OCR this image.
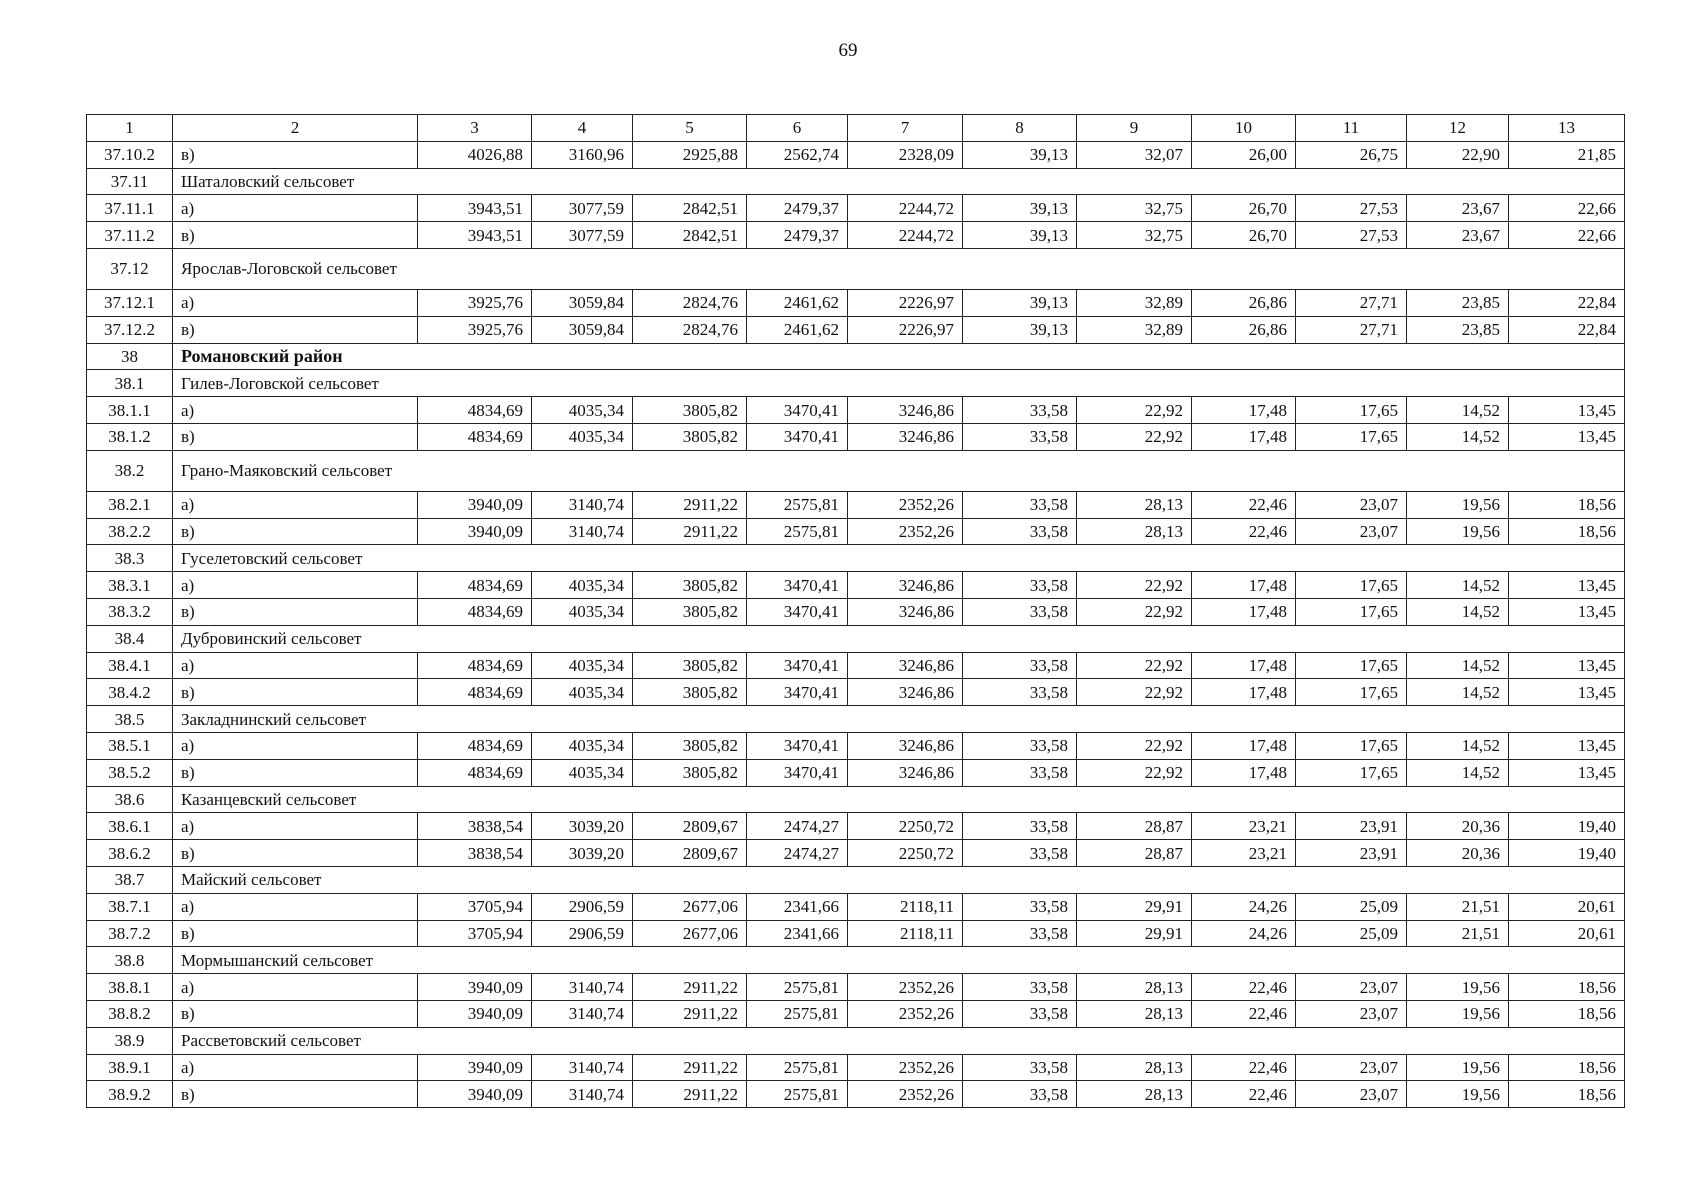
69
1	2	3	4	5	6	7	8	9	10	11	12	13
37.10.2	в)	4026,88	3160,96	2925,88	2562,74	2328,09	39,13	32,07	26,00	26,75	22,90	21,85
37.11	Шаталовский сельсовет											
37.11.1	а)	3943,51	3077,59	2842,51	2479,37	2244,72	39,13	32,75	26,70	27,53	23,67	22,66
37.11.2	в)	3943,51	3077,59	2842,51	2479,37	2244,72	39,13	32,75	26,70	27,53	23,67	22,66
37.12	Ярослав-Логовской сельсовет											
37.12.1	а)	3925,76	3059,84	2824,76	2461,62	2226,97	39,13	32,89	26,86	27,71	23,85	22,84
37.12.2	в)	3925,76	3059,84	2824,76	2461,62	2226,97	39,13	32,89	26,86	27,71	23,85	22,84
38	Романовский район											
38.1	Гилев-Логовской сельсовет											
38.1.1	а)	4834,69	4035,34	3805,82	3470,41	3246,86	33,58	22,92	17,48	17,65	14,52	13,45
38.1.2	в)	4834,69	4035,34	3805,82	3470,41	3246,86	33,58	22,92	17,48	17,65	14,52	13,45
38.2	Грано-Маяковский сельсовет											
38.2.1	а)	3940,09	3140,74	2911,22	2575,81	2352,26	33,58	28,13	22,46	23,07	19,56	18,56
38.2.2	в)	3940,09	3140,74	2911,22	2575,81	2352,26	33,58	28,13	22,46	23,07	19,56	18,56
38.3	Гуселетовский сельсовет											
38.3.1	а)	4834,69	4035,34	3805,82	3470,41	3246,86	33,58	22,92	17,48	17,65	14,52	13,45
38.3.2	в)	4834,69	4035,34	3805,82	3470,41	3246,86	33,58	22,92	17,48	17,65	14,52	13,45
38.4	Дубровинский сельсовет											
38.4.1	а)	4834,69	4035,34	3805,82	3470,41	3246,86	33,58	22,92	17,48	17,65	14,52	13,45
38.4.2	в)	4834,69	4035,34	3805,82	3470,41	3246,86	33,58	22,92	17,48	17,65	14,52	13,45
38.5	Закладнинский сельсовет											
38.5.1	а)	4834,69	4035,34	3805,82	3470,41	3246,86	33,58	22,92	17,48	17,65	14,52	13,45
38.5.2	в)	4834,69	4035,34	3805,82	3470,41	3246,86	33,58	22,92	17,48	17,65	14,52	13,45
38.6	Казанцевский сельсовет											
38.6.1	а)	3838,54	3039,20	2809,67	2474,27	2250,72	33,58	28,87	23,21	23,91	20,36	19,40
38.6.2	в)	3838,54	3039,20	2809,67	2474,27	2250,72	33,58	28,87	23,21	23,91	20,36	19,40
38.7	Майский сельсовет											
38.7.1	а)	3705,94	2906,59	2677,06	2341,66	2118,11	33,58	29,91	24,26	25,09	21,51	20,61
38.7.2	в)	3705,94	2906,59	2677,06	2341,66	2118,11	33,58	29,91	24,26	25,09	21,51	20,61
38.8	Мормышанский сельсовет											
38.8.1	а)	3940,09	3140,74	2911,22	2575,81	2352,26	33,58	28,13	22,46	23,07	19,56	18,56
38.8.2	в)	3940,09	3140,74	2911,22	2575,81	2352,26	33,58	28,13	22,46	23,07	19,56	18,56
38.9	Рассветовский сельсовет											
38.9.1	а)	3940,09	3140,74	2911,22	2575,81	2352,26	33,58	28,13	22,46	23,07	19,56	18,56
38.9.2	в)	3940,09	3140,74	2911,22	2575,81	2352,26	33,58	28,13	22,46	23,07	19,56	18,56
